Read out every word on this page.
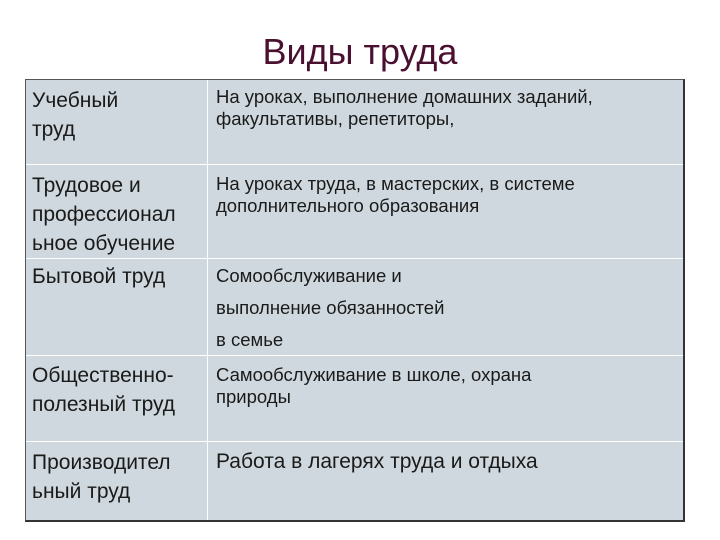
Виды труда
Учебный
труд
На уроках, выполнение домашних заданий,
факультативы, репетиторы,
Трудовое и
профессионал
ьное обучение
На уроках труда, в мастерских, в системе
дополнительного образования
Бытовой труд	Сомообслуживание и
выполнение обязанностей
в семье
Общественно-
полезный труд
Самообслуживание в школе, охрана
природы
Производител
ьный труд
Работа в лагерях труда и отдыха
